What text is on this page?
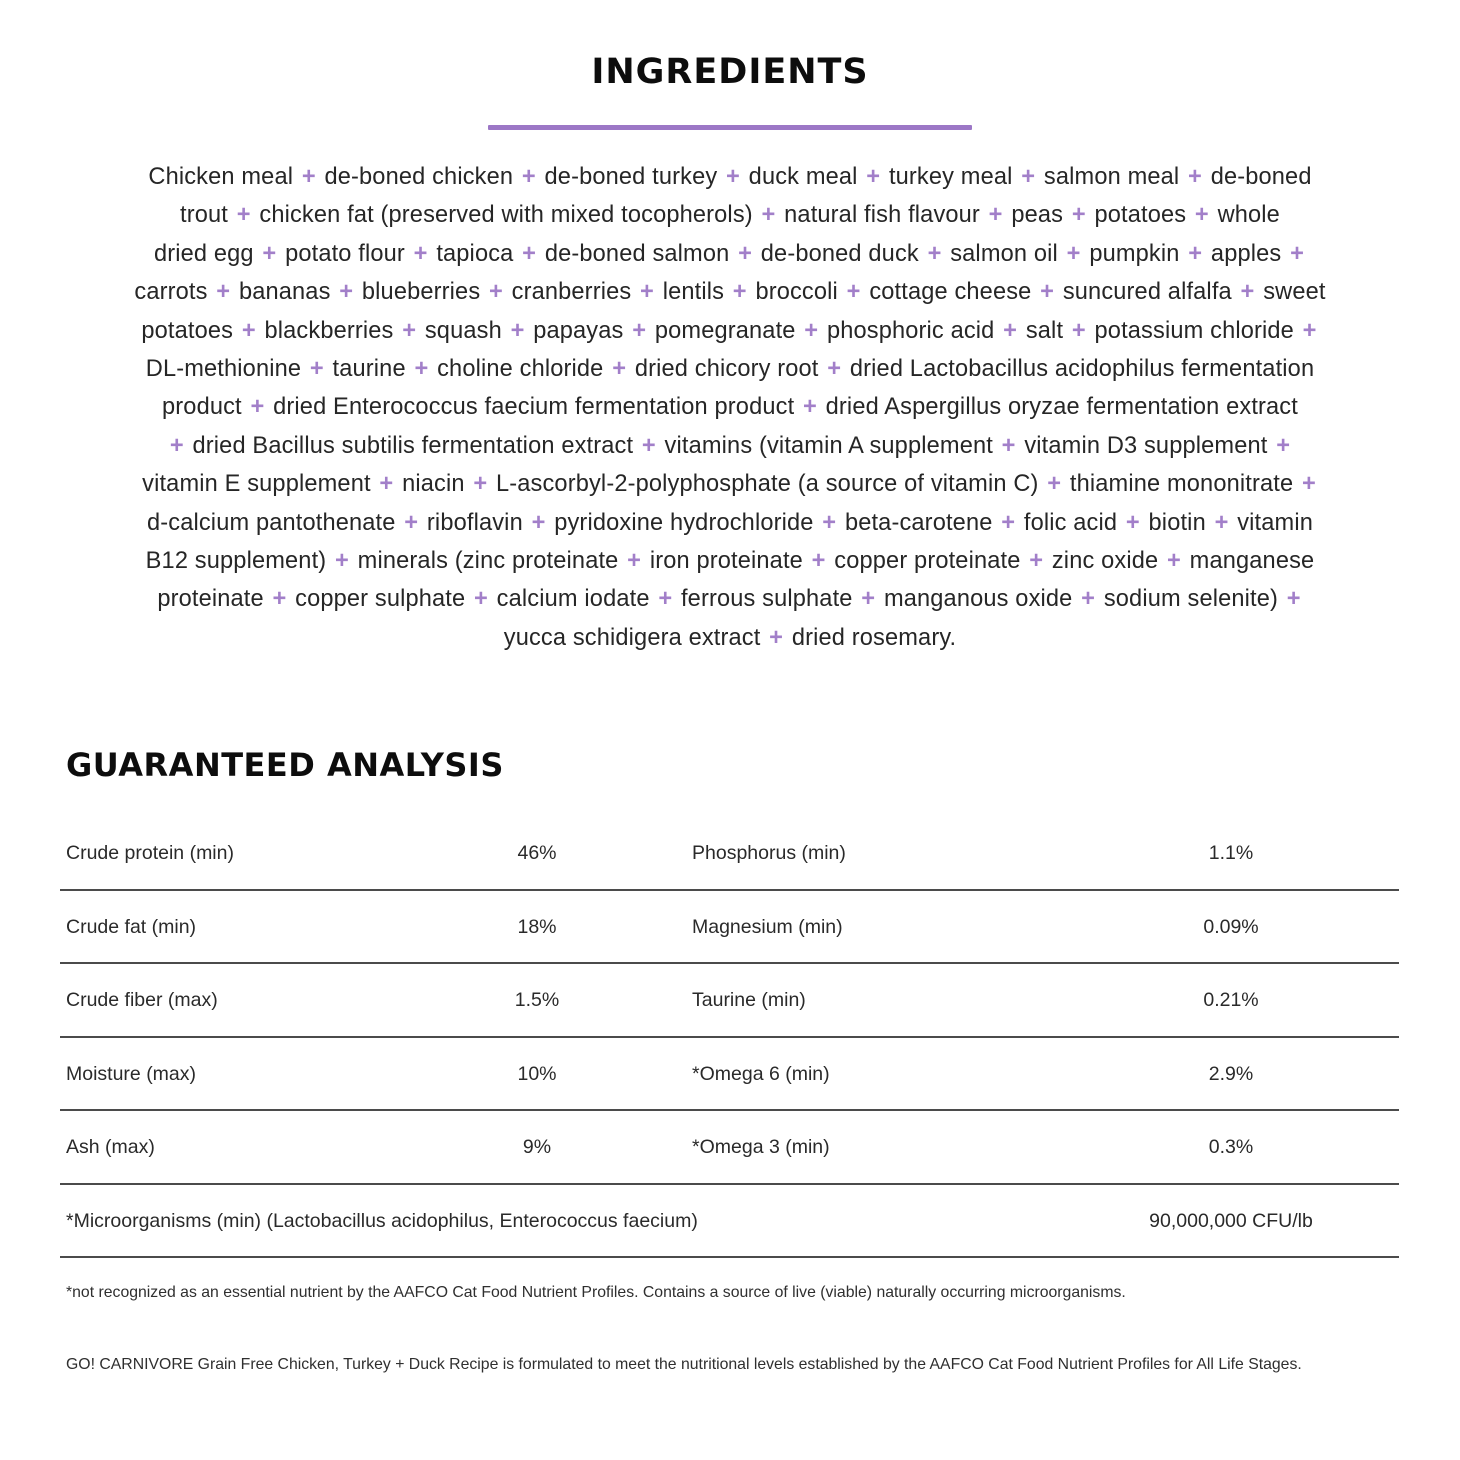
INGREDIENTS
Chicken meal + de-boned chicken + de-boned turkey + duck meal + turkey meal + salmon meal + de-boned
trout + chicken fat (preserved with mixed tocopherols) + natural fish flavour + peas + potatoes + whole
dried egg + potato flour + tapioca + de-boned salmon + de-boned duck + salmon oil + pumpkin + apples +
carrots + bananas + blueberries + cranberries + lentils + broccoli + cottage cheese + suncured alfalfa + sweet
potatoes + blackberries + squash + papayas + pomegranate + phosphoric acid + salt + potassium chloride +
DL-methionine + taurine + choline chloride + dried chicory root + dried Lactobacillus acidophilus fermentation
product + dried Enterococcus faecium fermentation product + dried Aspergillus oryzae fermentation extract
+ dried Bacillus subtilis fermentation extract + vitamins (vitamin A supplement + vitamin D3 supplement +
vitamin E supplement + niacin + L-ascorbyl-2-polyphosphate (a source of vitamin C) + thiamine mononitrate +
d-calcium pantothenate + riboflavin + pyridoxine hydrochloride + beta-carotene + folic acid + biotin + vitamin
B12 supplement) + minerals (zinc proteinate + iron proteinate + copper proteinate + zinc oxide + manganese
proteinate + copper sulphate + calcium iodate + ferrous sulphate + manganous oxide + sodium selenite) +
yucca schidigera extract + dried rosemary.
GUARANTEED ANALYSIS
Crude protein (min)	46%	Phosphorus (min)	1.1%
Crude fat (min)	18%	Magnesium (min)	0.09%
Crude fiber (max)	1.5%	Taurine (min)	0.21%
Moisture (max)	10%	*Omega 6 (min)	2.9%
Ash (max)	9%	*Omega 3 (min)	0.3%
*Microorganisms (min) (Lactobacillus acidophilus, Enterococcus faecium)	90,000,000 CFU/lb
*not recognized as an essential nutrient by the AAFCO Cat Food Nutrient Profiles. Contains a source of live (viable) naturally occurring microorganisms.
GO! CARNIVORE Grain Free Chicken, Turkey + Duck Recipe is formulated to meet the nutritional levels established by the AAFCO Cat Food Nutrient Profiles for All Life Stages.
